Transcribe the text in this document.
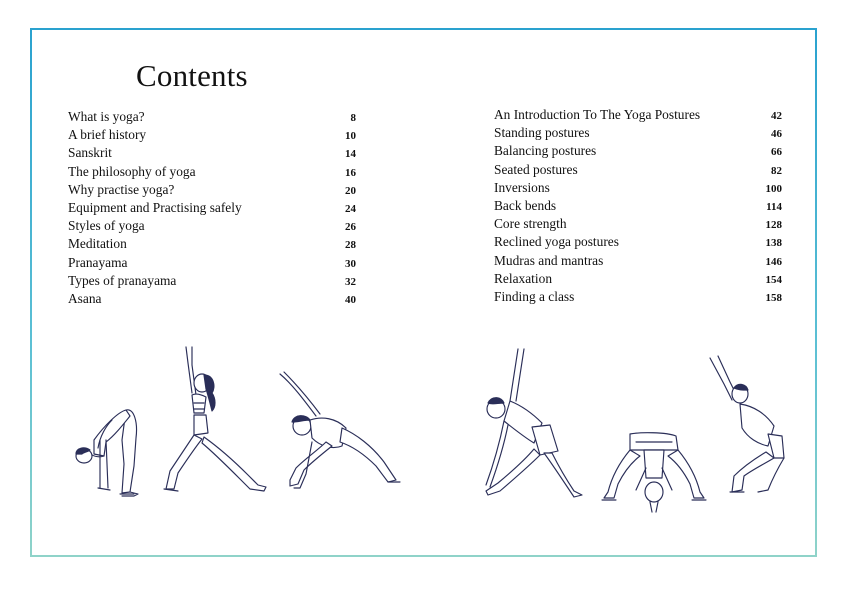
Contents
What is yoga?	8
A brief history	10
Sanskrit	14
The philosophy of yoga	16
Why practise yoga?	20
Equipment and Practising safely	24
Styles of yoga	26
Meditation	28
Pranayama	30
Types of pranayama	32
Asana	40
An Introduction To The Yoga Postures	42
Standing postures	46
Balancing postures	66
Seated postures	82
Inversions	100
Back bends	114
Core strength	128
Reclined yoga postures	138
Mudras and mantras	146
Relaxation	154
Finding a class	158
